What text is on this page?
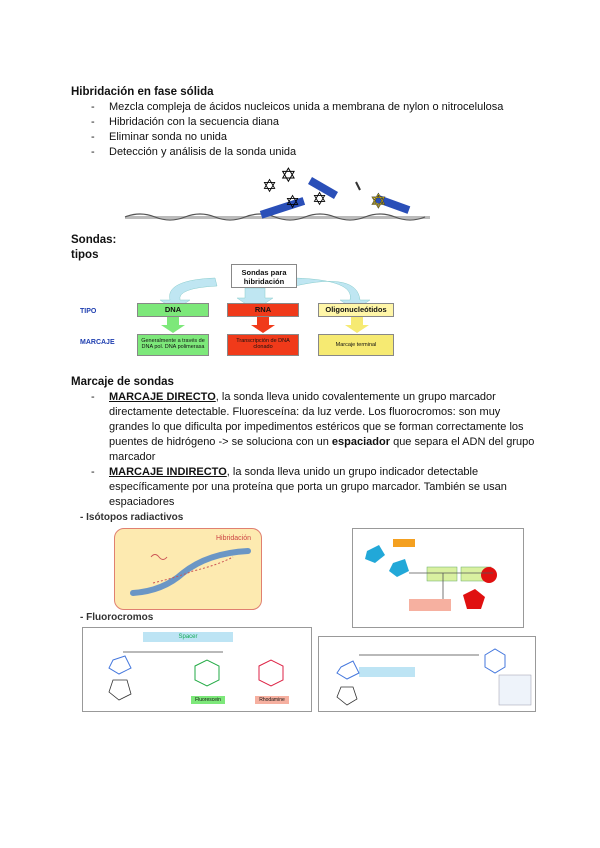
Hibridación en fase sólida
- Mezcla compleja de ácidos nucleicos unida a membrana de nylon o nitrocelulosa
- Hibridación con la secuencia diana
- Eliminar sonda no unida
- Detección y análisis de la sonda unida
✡
✡ ✡
✡
✡
Sondas:
tipos
Sondas para hibridación
TIPO
MARCAJE
DNA	RNA	Oligonucleótidos
Generalmente a través de DNA pol. DNA polimerasa
Transcripción de DNA clonado	Marcaje terminal
Marcaje de sondas
- MARCAJE DIRECTO, la sonda lleva unido covalentemente un grupo marcador directamente detectable. Fluoresceína: da luz verde. Los fluorocromos: son muy grandes lo que dificulta por impedimentos estéricos que se forman correctamente los puentes de hidrógeno -> se soluciona con un espaciador que separa el ADN del grupo marcador
- MARCAJE INDIRECTO, la sonda lleva unido un grupo indicador detectable específicamente por una proteína que porta un grupo marcador. También se usan espaciadores
- Isótopos radiactivos
Hibridación
- Fluorocromos
Spacer
Fluorescein	Rhodamine
